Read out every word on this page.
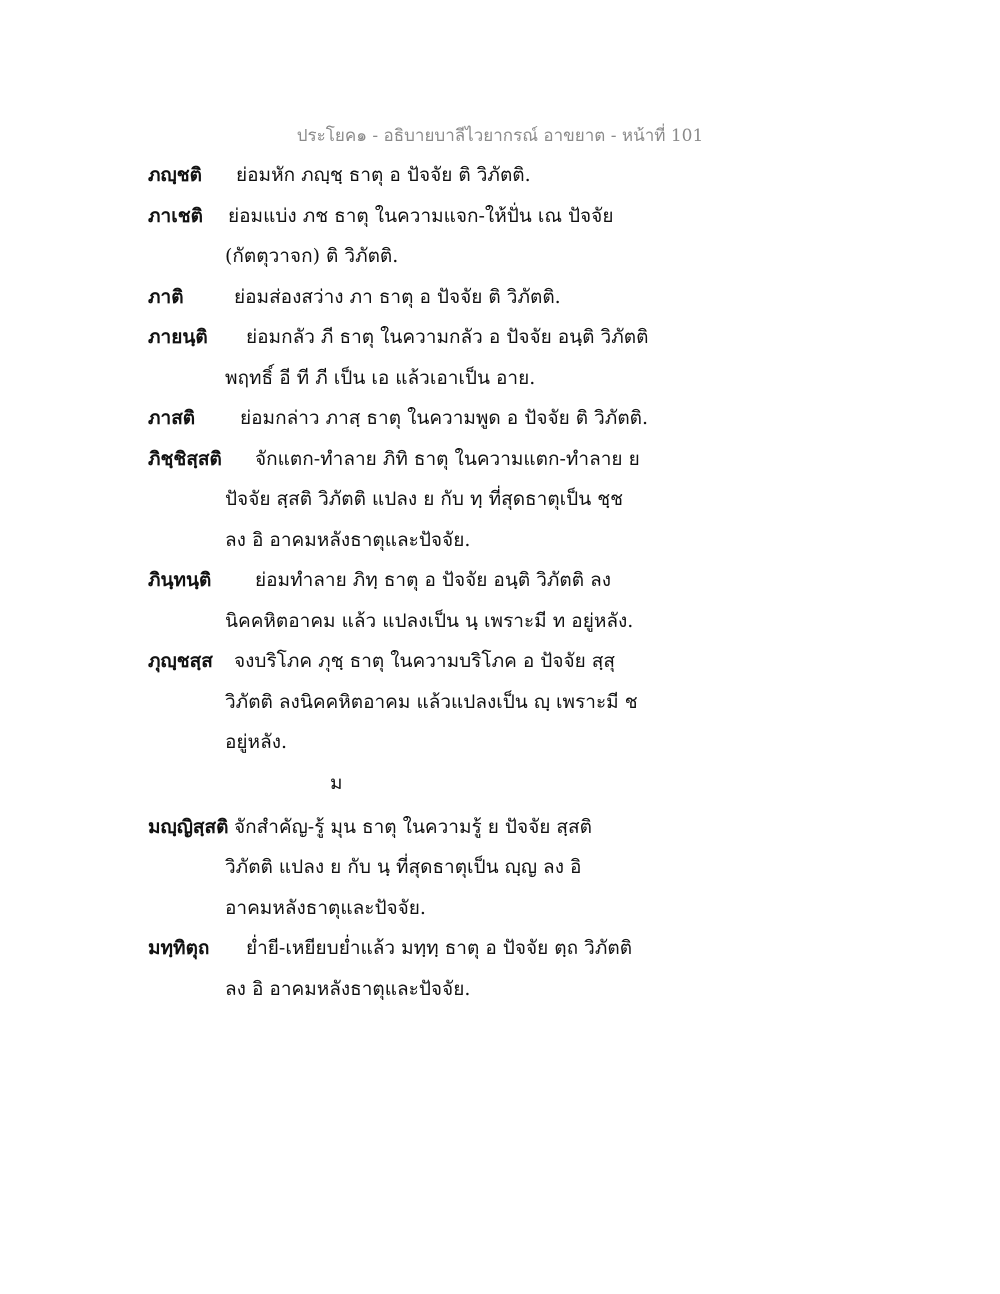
ประโยค๑ - อธิบายบาลีไวยากรณ์ อาขยาต - หน้าที่ 101
ภญฺชติ ย่อมหัก ภญฺชฺ ธาตุ อ ปัจจัย ติ วิภัตติ.
ภาเชติ ย่อมแบ่ง ภช ธาตุ ในความแจก-ให้ปั่น เณ ปัจจัย
(กัตตุวาจก) ติ วิภัตติ.
ภาติ	ย่อมส่องสว่าง ภา ธาตุ อ ปัจจัย ติ วิภัตติ.
ภายนฺติ ย่อมกลัว ภี ธาตุ ในความกลัว อ ปัจจัย อนฺติ วิภัตติ
พฤทธิ์ อี ที ภี เป็น เอ แล้วเอาเป็น อาย.
ภาสติ ย่อมกล่าว ภาสฺ ธาตุ ในความพูด อ ปัจจัย ติ วิภัตติ.
ภิชฺชิสฺสติ จักแตก-ทำลาย ภิทิ ธาตุ ในความแตก-ทำลาย ย
ปัจจัย สฺสติ วิภัตติ แปลง ย กับ ทฺ ที่สุดธาตุเป็น ชฺช
ลง อิ อาคมหลังธาตุและปัจจัย.
ภินฺทนฺติ ย่อมทำลาย ภิทฺ ธาตุ อ ปัจจัย อนฺติ วิภัตติ ลง
นิคคหิตอาคม แล้ว แปลงเป็น นฺ เพราะมี ท อยู่หลัง.
ภุญฺชสฺส จงบริโภค ภุชฺ ธาตุ ในความบริโภค อ ปัจจัย สฺสุ
วิภัตติ ลงนิคคหิตอาคม แล้วแปลงเป็น ญฺ เพราะมี ช
อยู่หลัง.
ม
มญฺญิสฺสติ จักสำคัญ-รู้ มุน ธาตุ ในความรู้ ย ปัจจัย สฺสติ
วิภัตติ แปลง ย กับ นฺ ที่สุดธาตุเป็น ญฺญ ลง อิ
อาคมหลังธาตุและปัจจัย.
มทฺทิตุถ ย่ำยี-เหยียบย่ำแล้ว มทฺทฺ ธาตุ อ ปัจจัย ตฺถ วิภัตติ
ลง อิ อาคมหลังธาตุและปัจจัย.
